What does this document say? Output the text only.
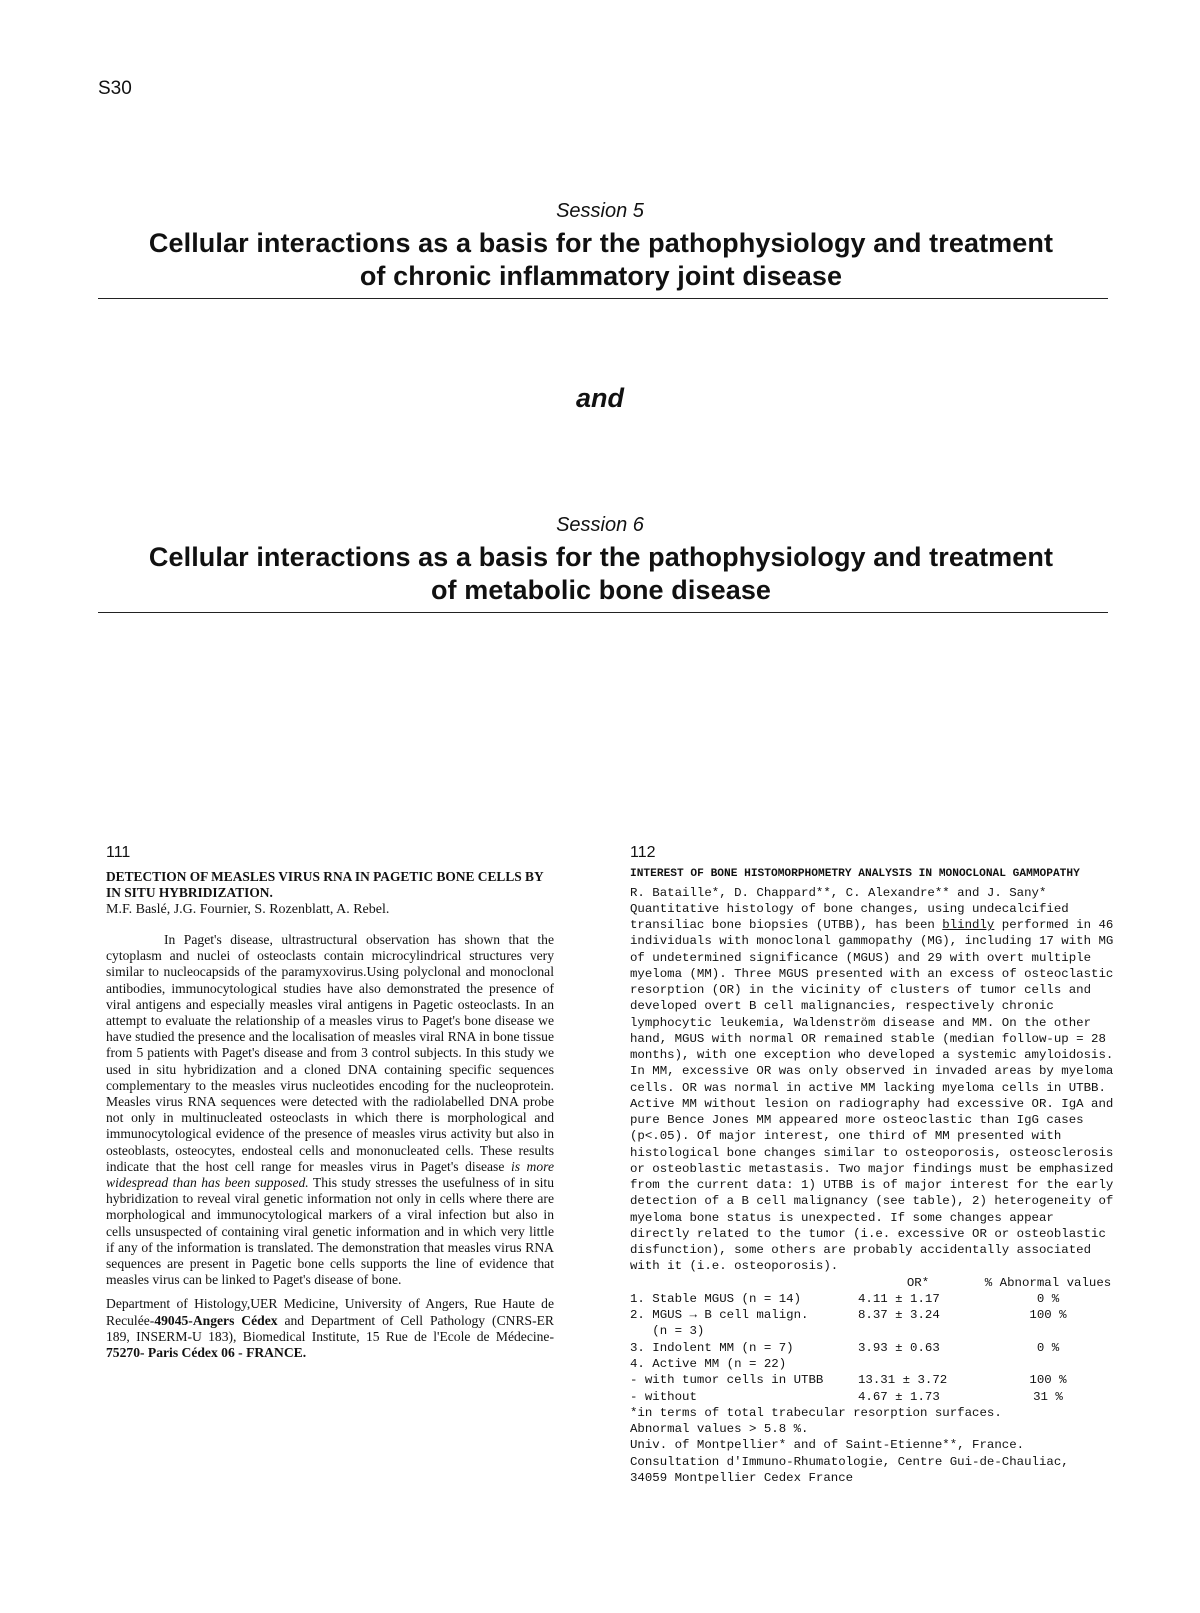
S30
Session 5
Cellular interactions as a basis for the pathophysiology and treatment
of chronic inflammatory joint disease
and
Session 6
Cellular interactions as a basis for the pathophysiology and treatment
of metabolic bone disease
111
DETECTION OF MEASLES VIRUS RNA IN PAGETIC BONE CELLS BY IN SITU HYBRIDIZATION.
M.F. Baslé, J.G. Fournier, S. Rozenblatt, A. Rebel.

In Paget's disease, ultrastructural observation has shown that the cytoplasm and nuclei of osteoclasts contain microcylindrical structures very similar to nucleocapsids of the paramyxovirus.Using polyclonal and monoclonal antibodies, immunocytological studies have also demonstrated the presence of viral antigens and especially measles viral antigens in Pagetic osteoclasts. In an attempt to evaluate the relationship of a measles virus to Paget's bone disease we have studied the presence and the localisation of measles viral RNA in bone tissue from 5 patients with Paget's disease and from 3 control subjects. In this study we used in situ hybridization and a cloned DNA containing specific sequences complementary to the measles virus nucleotides encoding for the nucleoprotein. Measles virus RNA sequences were detected with the radiolabelled DNA probe not only in multinucleated osteoclasts in which there is morphological and immunocytological evidence of the presence of measles virus activity but also in osteoblasts, osteocytes, endosteal cells and mononucleated cells. These results indicate that the host cell range for measles virus in Paget's disease is more widespread than has been supposed. This study stresses the usefulness of in situ hybridization to reveal viral genetic information not only in cells where there are morphological and immunocytological markers of a viral infection but also in cells unsuspected of containing viral genetic information and in which very little if any of the information is translated. The demonstration that measles virus RNA sequences are present in Pagetic bone cells supports the line of evidence that measles virus can be linked to Paget's disease of bone.

Department of Histology,UER Medicine, University of Angers, Rue Haute de Reculée-49045-Angers Cédex and Department of Cell Pathology (CNRS-ER 189, INSERM-U 183), Biomedical Institute, 15 Rue de l'Ecole de Médecine-75270- Paris Cédex 06 - FRANCE.
112
INTEREST OF BONE HISTOMORPHOMETRY ANALYSIS IN MONOCLONAL GAMMOPATHY
R. Bataille*, D. Chappard**, C. Alexandre** and J. Sany*
Quantitative histology of bone changes, using undecalcified transiliac bone biopsies (UTBB), has been blindly performed in 46 individuals with monoclonal gammopathy (MG), including 17 with MG of undetermined significance (MGUS) and 29 with overt multiple myeloma (MM). Three MGUS presented with an excess of osteoclastic resorption (OR) in the vicinity of clusters of tumor cells and developed overt B cell malignancies, respectively chronic lymphocytic leukemia, Waldenström disease and MM. On the other hand, MGUS with normal OR remained stable (median follow-up = 28 months), with one exception who developed a systemic amyloidosis. In MM, excessive OR was only observed in invaded areas by myeloma cells. OR was normal in active MM lacking myeloma cells in UTBB. Active MM without lesion on radiography had excessive OR. IgA and pure Bence Jones MM appeared more osteoclastic than IgG cases (p<.05). Of major interest, one third of MM presented with histological bone changes similar to osteoporosis, osteosclerosis or osteoblastic metastasis. Two major findings must be emphasized from the current data: 1) UTBB is of major interest for the early detection of a B cell malignancy (see table), 2) heterogeneity of myeloma bone status is unexpected. If some changes appear directly related to the tumor (i.e. excessive OR or osteoblastic disfunction), some others are probably accidentally associated with it (i.e. osteoporosis).
	OR*	% Abnormal values
1. Stable MGUS (n = 14)	4.11 ± 1.17	0 %
2. MGUS → B cell malign.	8.37 ± 3.24	100 %
(n = 3)		
3. Indolent MM (n = 7)	3.93 ± 0.63	0 %
4. Active MM (n = 22)		
- with tumor cells in UTBB	13.31 ± 3.72	100 %
- without	4.67 ± 1.73	31 %
*in terms of total trabecular resorption surfaces.
Abnormal values > 5.8 %.
Univ. of Montpellier* and of Saint-Etienne**, France.
Consultation d'Immuno-Rhumatologie, Centre Gui-de-Chauliac,
34059 Montpellier Cedex France
